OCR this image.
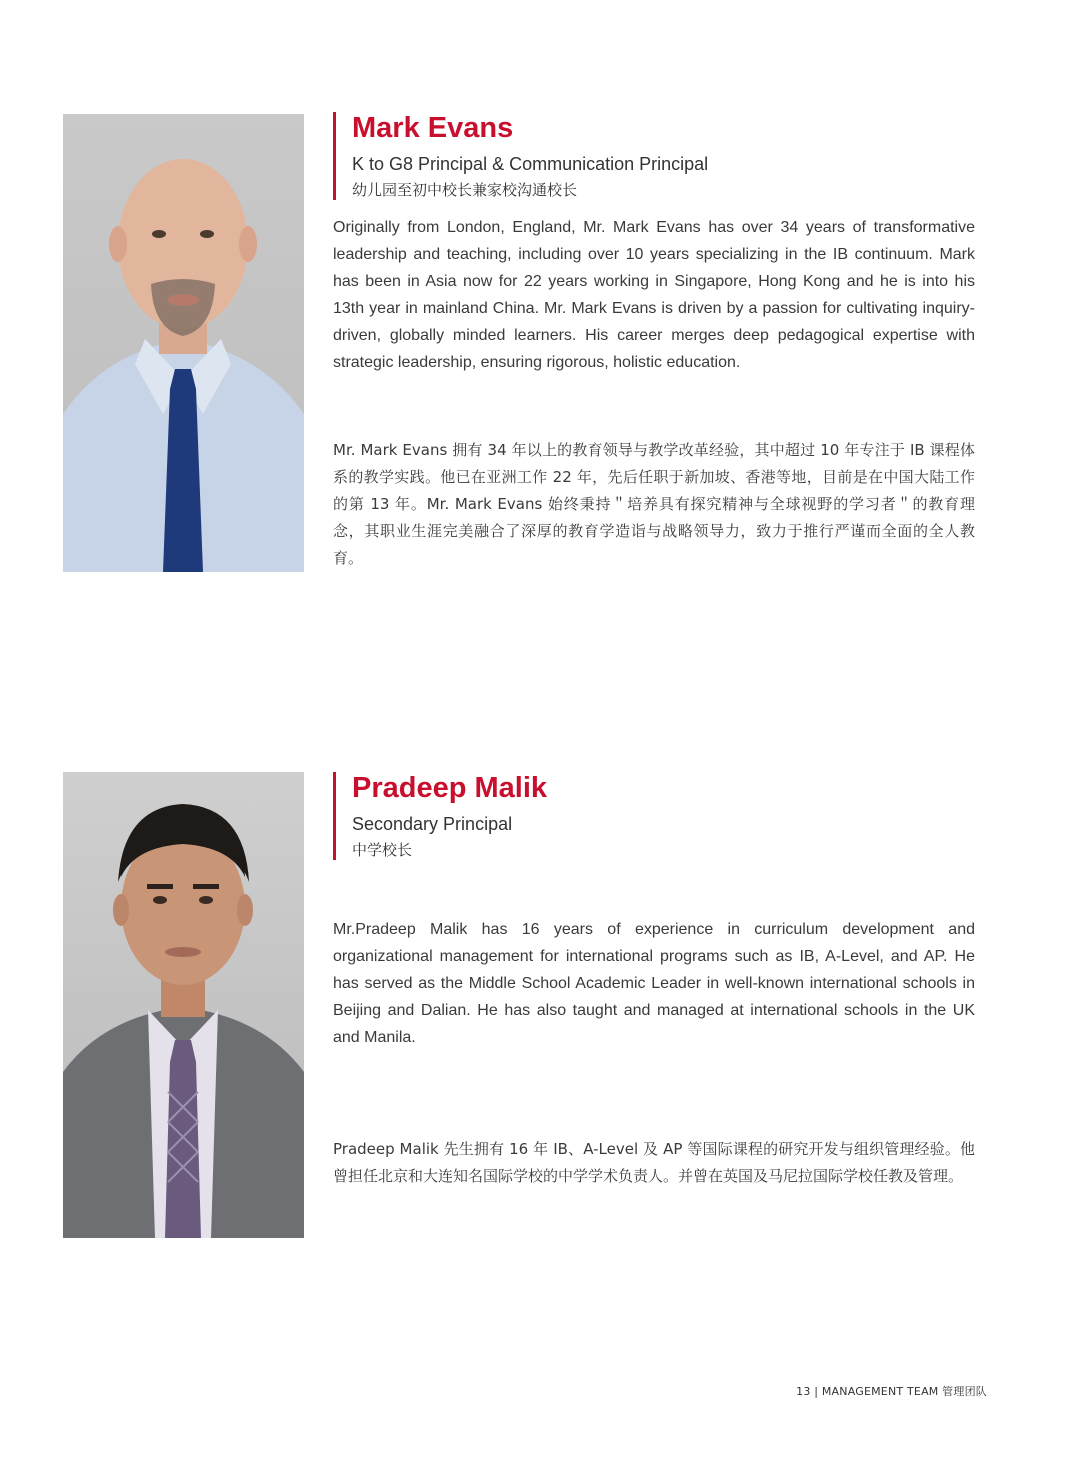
Mark Evans

K to G8 Principal & Communication Principal
幼儿园至初中校长兼家校沟通校长

Originally from London, England, Mr. Mark Evans has over 34 years of transformative leadership and teaching, including over 10 years specializing in the IB continuum. Mark has been in Asia now for 22 years working in Singapore, Hong Kong and he is into his 13th year in mainland China. Mr. Mark Evans is driven by a passion for cultivating inquiry-driven, globally minded learners. His career merges deep pedagogical expertise with strategic leadership, ensuring rigorous, holistic education.

Mr. Mark Evans 拥有 34 年以上的教育领导与教学改革经验，其中超过 10 年专注于 IB 课程体系的教学实践。他已在亚洲工作 22 年，先后任职于新加坡、香港等地，目前是在中国大陆工作的第 13 年。Mr. Mark Evans 始终秉持＂培养具有探究精神与全球视野的学习者＂的教育理念，其职业生涯完美融合了深厚的教育学造诣与战略领导力，致力于推行严谨而全面的全人教育。

Pradeep Malik

Secondary Principal
中学校长

Mr.Pradeep Malik has 16 years of experience in curriculum development and organizational management for international programs such as IB, A-Level, and AP. He has served as the Middle School Academic Leader in well-known international schools in Beijing and Dalian. He has also taught and managed at international schools in the UK and Manila.

Pradeep Malik 先生拥有 16 年 IB、A-Level 及 AP 等国际课程的研究开发与组织管理经验。他曾担任北京和大连知名国际学校的中学学术负责人。并曾在英国及马尼拉国际学校任教及管理。

13 | MANAGEMENT TEAM 管理团队
